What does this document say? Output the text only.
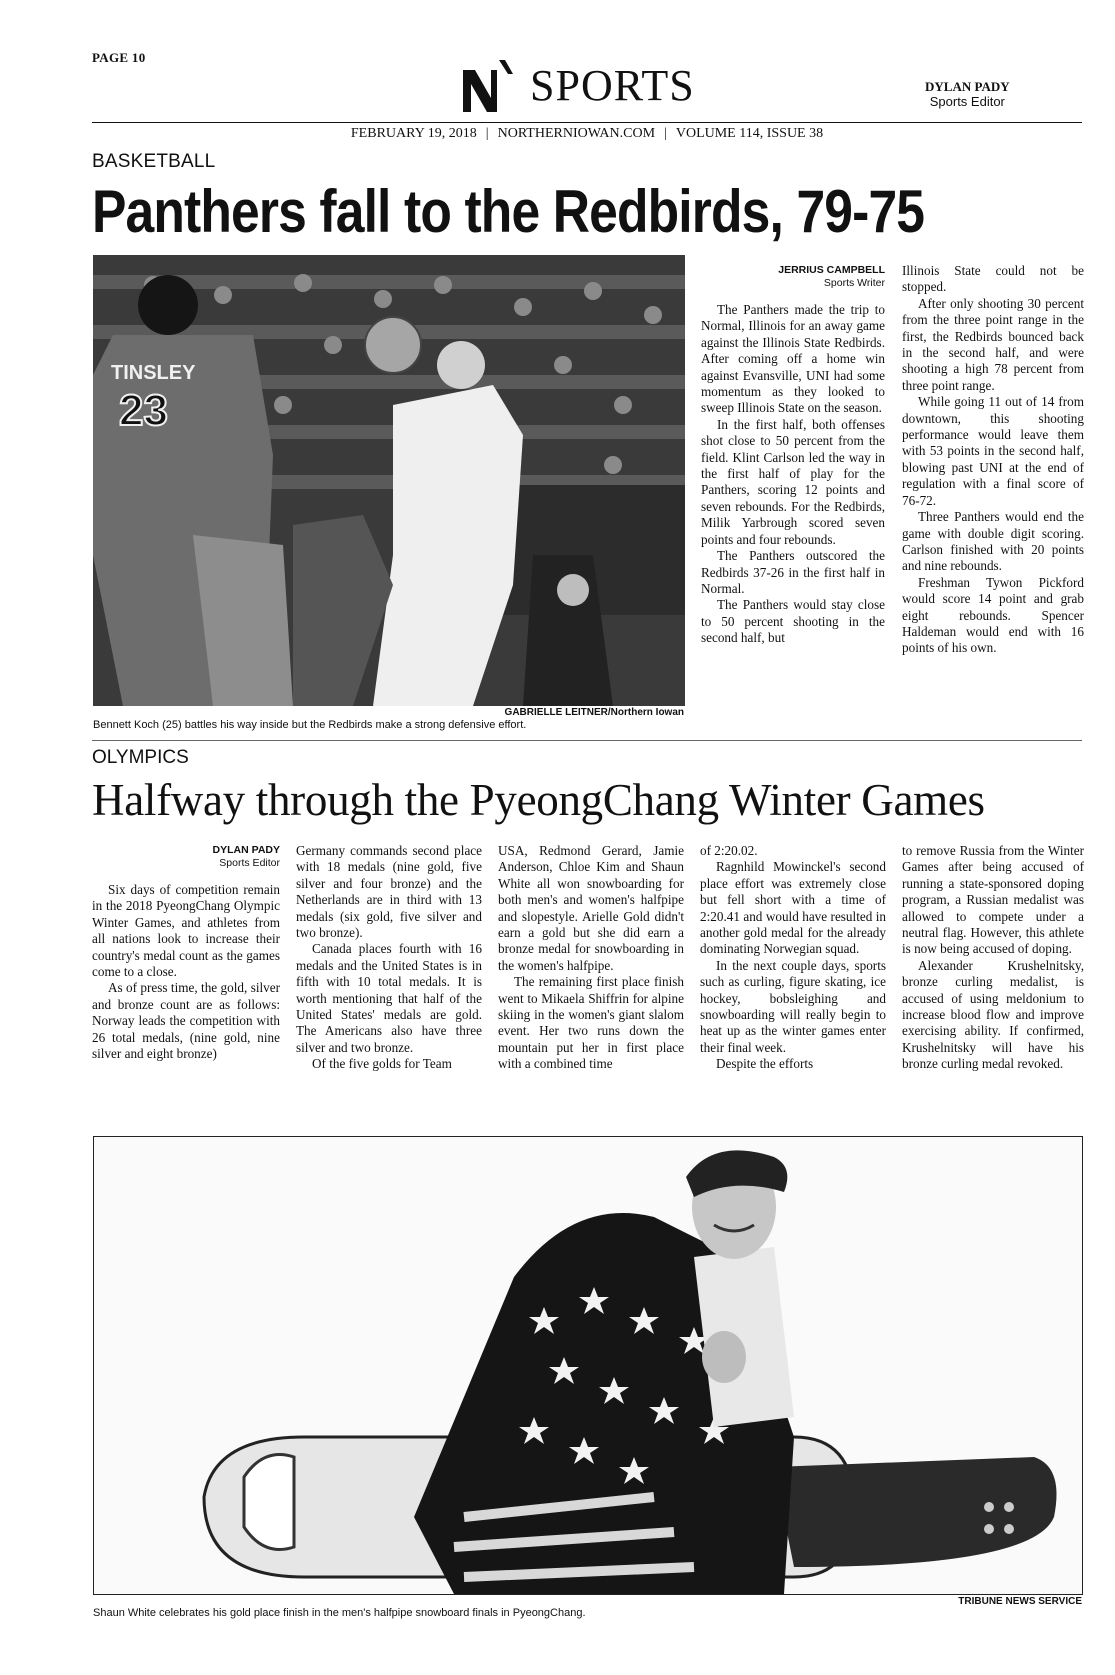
PAGE 10
SPORTS	DYLAN PADY
Sports Editor
FEBRUARY 19, 2018 | NORTHERNIOWAN.COM | VOLUME 114, ISSUE 38
BASKETBALL
Panthers fall to the Redbirds, 79-75
TINSLEY
23
GABRIELLE LEITNER/Northern Iowan
Bennett Koch (25) battles his way inside but the Redbirds make a strong defensive effort.
JERRIUS CAMPBELL
Sports Writer

The Panthers made the trip to Normal, Illinois for an away game against the Illinois State Redbirds. After coming off a home win against Evansville, UNI had some momentum as they looked to sweep Illinois State on the season.

In the first half, both offenses shot close to 50 percent from the field. Klint Carlson led the way in the first half of play for the Panthers, scoring 12 points and seven rebounds. For the Redbirds, Milik Yarbrough scored seven points and four rebounds.

The Panthers outscored the Redbirds 37-26 in the first half in Normal.

The Panthers would stay close to 50 percent shooting in the second half, but

Illinois State could not be stopped.

After only shooting 30 percent from the three point range in the first, the Redbirds bounced back in the second half, and were shooting a high 78 percent from three point range.

While going 11 out of 14 from downtown, this shooting performance would leave them with 53 points in the second half, blowing past UNI at the end of regulation with a final score of 76-72.

Three Panthers would end the game with double digit scoring. Carlson finished with 20 points and nine rebounds.

Freshman Tywon Pickford would score 14 point and grab eight rebounds. Spencer Haldeman would end with 16 points of his own.

OLYMPICS
Halfway through the PyeongChang Winter Games
DYLAN PADY
Sports Editor

Six days of competition remain in the 2018 PyeongChang Olympic Winter Games, and athletes from all nations look to increase their country's medal count as the games come to a close.

As of press time, the gold, silver and bronze count are as follows: Norway leads the competition with 26 total medals, (nine gold, nine silver and eight bronze)

Germany commands second place with 18 medals (nine gold, five silver and four bronze) and the Netherlands are in third with 13 medals (six gold, five silver and two bronze).

Canada places fourth with 16 medals and the United States is in fifth with 10 total medals. It is worth mentioning that half of the United States' medals are gold. The Americans also have three silver and two bronze.

Of the five golds for Team

USA, Redmond Gerard, Jamie Anderson, Chloe Kim and Shaun White all won snowboarding for both men's and women's halfpipe and slopestyle. Arielle Gold didn't earn a gold but she did earn a bronze medal for snowboarding in the women's halfpipe.

The remaining first place finish went to Mikaela Shiffrin for alpine skiing in the women's giant slalom event. Her two runs down the mountain put her in first place with a combined time

of 2:20.02.

Ragnhild Mowinckel's second place effort was extremely close but fell short with a time of 2:20.41 and would have resulted in another gold medal for the already dominating Norwegian squad.

In the next couple days, sports such as curling, figure skating, ice hockey, bobsleighing and snowboarding will really begin to heat up as the winter games enter their final week.

Despite the efforts

to remove Russia from the Winter Games after being accused of running a state-sponsored doping program, a Russian medalist was allowed to compete under a neutral flag. However, this athlete is now being accused of doping.

Alexander Krushelnitsky, bronze curling medalist, is accused of using meldonium to increase blood flow and improve exercising ability. If confirmed, Krushelnitsky will have his bronze curling medal revoked.

TRIBUNE NEWS SERVICE
Shaun White celebrates his gold place finish in the men's halfpipe snowboard finals in PyeongChang.
